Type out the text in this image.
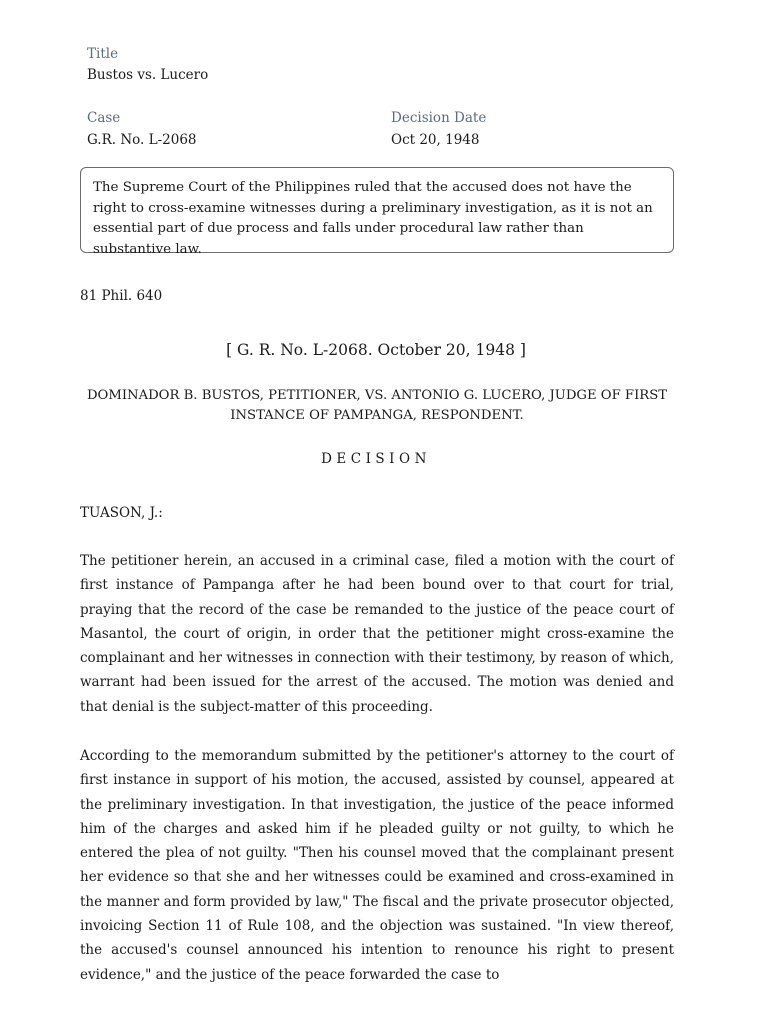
Title
Bustos vs. Lucero
Case
G.R. No. L-2068
Decision Date
Oct 20, 1948
The Supreme Court of the Philippines ruled that the accused does not have the right to cross-examine witnesses during a preliminary investigation, as it is not an essential part of due process and falls under procedural law rather than substantive law.
81 Phil. 640
[ G. R. No. L-2068. October 20, 1948 ]
DOMINADOR B. BUSTOS, PETITIONER, VS. ANTONIO G. LUCERO, JUDGE OF FIRST INSTANCE OF PAMPANGA, RESPONDENT.
DECISION
TUASON, J.:
The petitioner herein, an accused in a criminal case, filed a motion with the court of first instance of Pampanga after he had been bound over to that court for trial, praying that the record of the case be remanded to the justice of the peace court of Masantol, the court of origin, in order that the petitioner might cross-examine the complainant and her witnesses in connection with their testimony, by reason of which, warrant had been issued for the arrest of the accused. The motion was denied and that denial is the subject-matter of this proceeding.
According to the memorandum submitted by the petitioner's attorney to the court of first instance in support of his motion, the accused, assisted by counsel, appeared at the preliminary investigation. In that investigation, the justice of the peace informed him of the charges and asked him if he pleaded guilty or not guilty, to which he entered the plea of not guilty. "Then his counsel moved that the complainant present her evidence so that she and her witnesses could be examined and cross-examined in the manner and form provided by law," The fiscal and the private prosecutor objected, invoicing Section 11 of Rule 108, and the objection was sustained. "In view thereof, the accused's counsel announced his intention to renounce his right to present evidence," and the justice of the peace forwarded the case to
